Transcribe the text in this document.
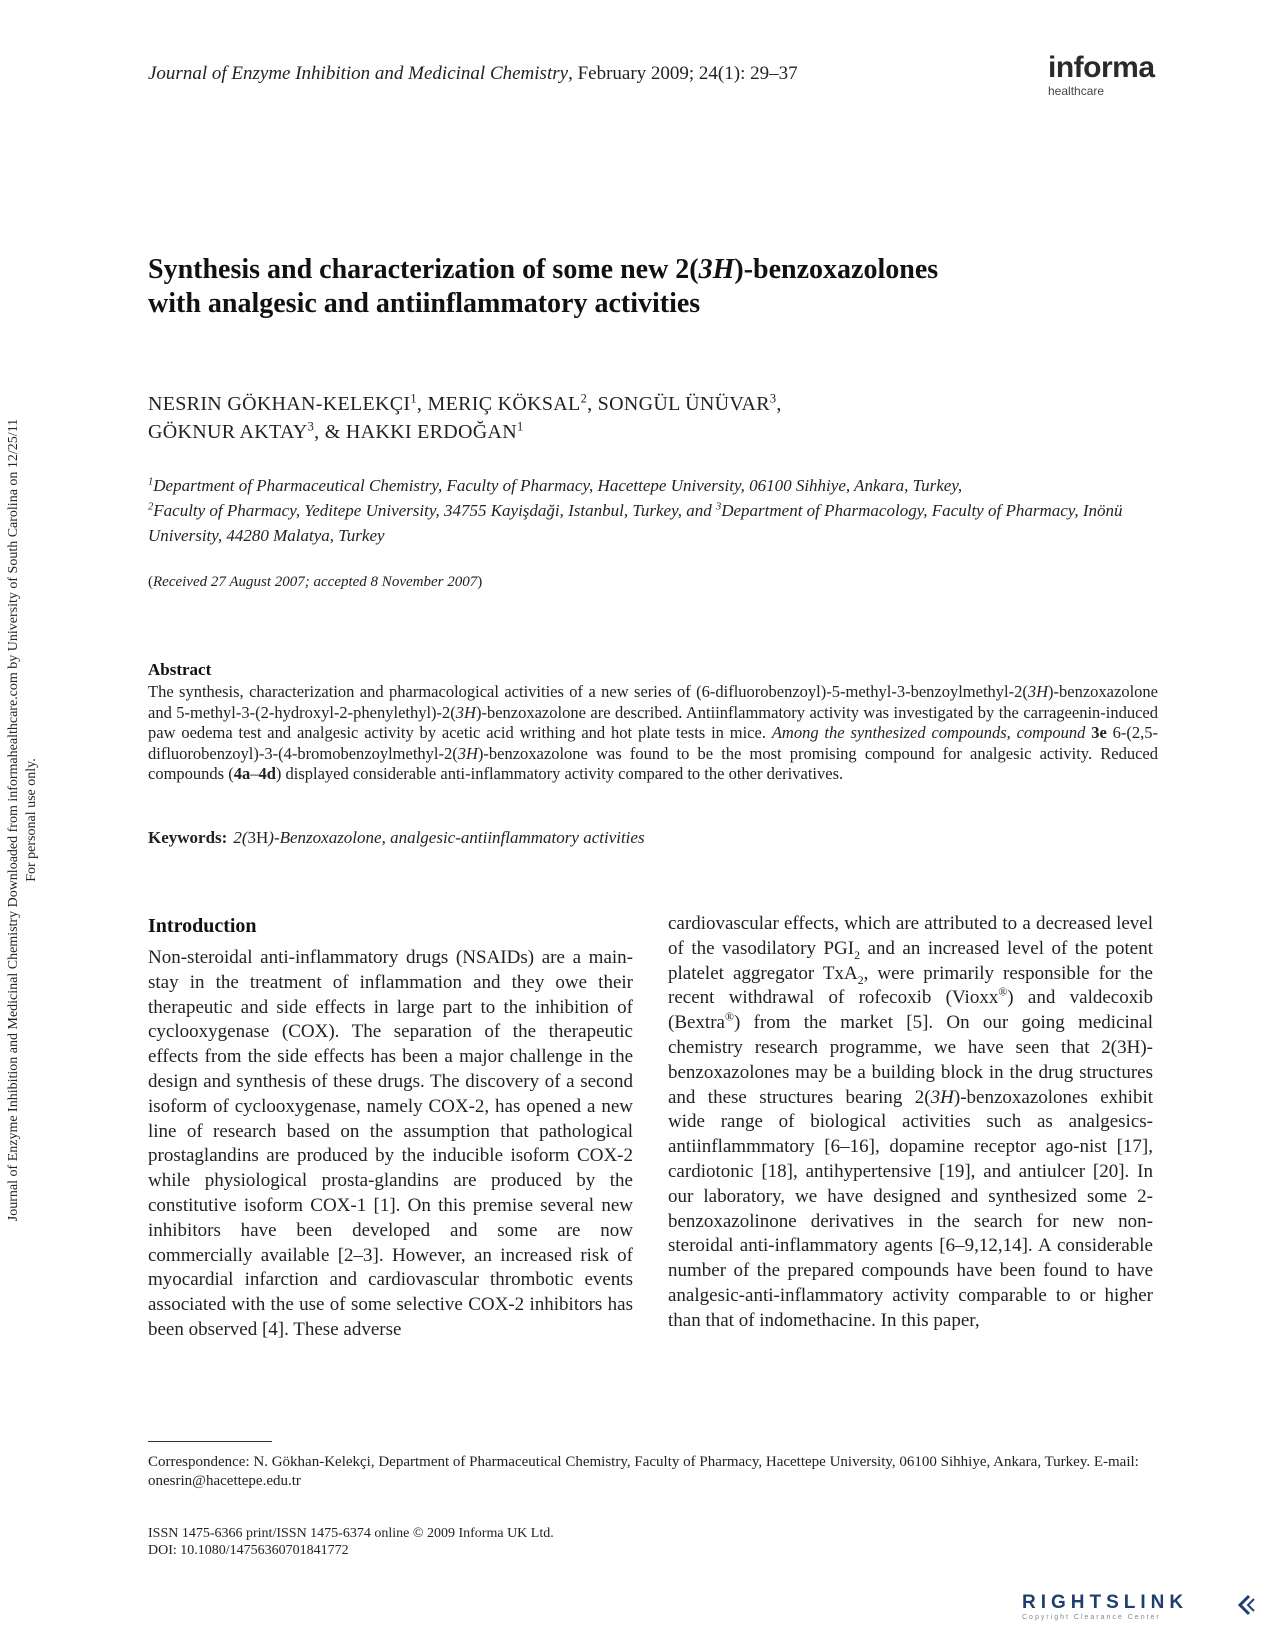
Journal of Enzyme Inhibition and Medicinal Chemistry Downloaded from informahealthcare.com by University of South Carolina on 12/25/11 For personal use only.
Journal of Enzyme Inhibition and Medicinal Chemistry, February 2009; 24(1): 29–37	informa
healthcare
Synthesis and characterization of some new 2(3H)-benzoxazolones
with analgesic and antiinflammatory activities
NESRIN GÖKHAN-KELEKÇI$^1$, MERIÇ KÖKSAL$^2$, SONGÜL ÜNÜVAR$^3$,
GÖKNUR AKTAY$^3$, & HAKKI ERDOĞAN$^1$
$^1$Department of Pharmaceutical Chemistry, Faculty of Pharmacy, Hacettepe University, 06100 Sihhiye, Ankara, Turkey,
$^2$Faculty of Pharmacy, Yeditepe University, 34755 Kayişdaği, Istanbul, Turkey, and $^3$Department of Pharmacology, Faculty of Pharmacy, Inönü University, 44280 Malatya, Turkey
(Received 27 August 2007; accepted 8 November 2007)
Abstract
The synthesis, characterization and pharmacological activities of a new series of (6-difluorobenzoyl)-5-methyl-3-benzoylmethyl-2(3H)-benzoxazolone and 5-methyl-3-(2-hydroxyl-2-phenylethyl)-2(3H)-benzoxazolone are described. Antiinflammatory activity was investigated by the carrageenin-induced paw oedema test and analgesic activity by acetic acid writhing and hot plate tests in mice. Among the synthesized compounds, compound 3e 6-(2,5-difluorobenzoyl)-3-(4-bromobenzoylmethyl-2(3H)-benzoxazolone was found to be the most promising compound for analgesic activity. Reduced compounds (4a–4d) displayed considerable anti-inflammatory activity compared to the other derivatives.
Keywords: 2(3H)-Benzoxazolone, analgesic-antiinflammatory activities
Introduction
Non-steroidal anti-inflammatory drugs (NSAIDs) are a main-stay in the treatment of inflammation and they owe their therapeutic and side effects in large part to the inhibition of cyclooxygenase (COX). The separation of the therapeutic effects from the side effects has been a major challenge in the design and synthesis of these drugs. The discovery of a second isoform of cyclooxygenase, namely COX-2, has opened a new line of research based on the assumption that pathological prostaglandins are produced by the inducible isoform COX-2 while physiological prosta-glandins are produced by the constitutive isoform COX-1 [1]. On this premise several new inhibitors have been developed and some are now commercially available [2–3]. However, an increased risk of myocardial infarction and cardiovascular thrombotic events associated with the use of some selective COX-2 inhibitors has been observed [4]. These adverse
cardiovascular effects, which are attributed to a decreased level of the vasodilatory $PGI_2$ and an increased level of the potent platelet aggregator TxA$_2$, were primarily responsible for the recent withdrawal of rofecoxib (Vioxx®) and valdecoxib (Bextra®) from the market [5]. On our going medicinal chemistry research programme, we have seen that 2(3H)-benzoxazolones may be a building block in the drug structures and these structures bearing 2(3H)-benzoxazolones exhibit wide range of biological activities such as analgesics-antiinflammmatory [6–16], dopamine receptor ago-nist [17], cardiotonic [18], antihypertensive [19], and antiulcer [20]. In our laboratory, we have designed and synthesized some 2-benzoxazolinone derivatives in the search for new non-steroidal anti-inflammatory agents [6–9,12,14]. A considerable number of the prepared compounds have been found to have analgesic-anti-inflammatory activity comparable to or higher than that of indomethacine. In this paper,
Correspondence: N. Gökhan-Kelekçi, Department of Pharmaceutical Chemistry, Faculty of Pharmacy, Hacettepe University, 06100 Sihhiye, Ankara, Turkey. E-mail: onesrin@hacettepe.edu.tr
ISSN 1475-6366 print/ISSN 1475-6374 online © 2009 Informa UK Ltd.
DOI: 10.1080/14756360701841772
RIGHTSLINK
Copyright Clearance Center
